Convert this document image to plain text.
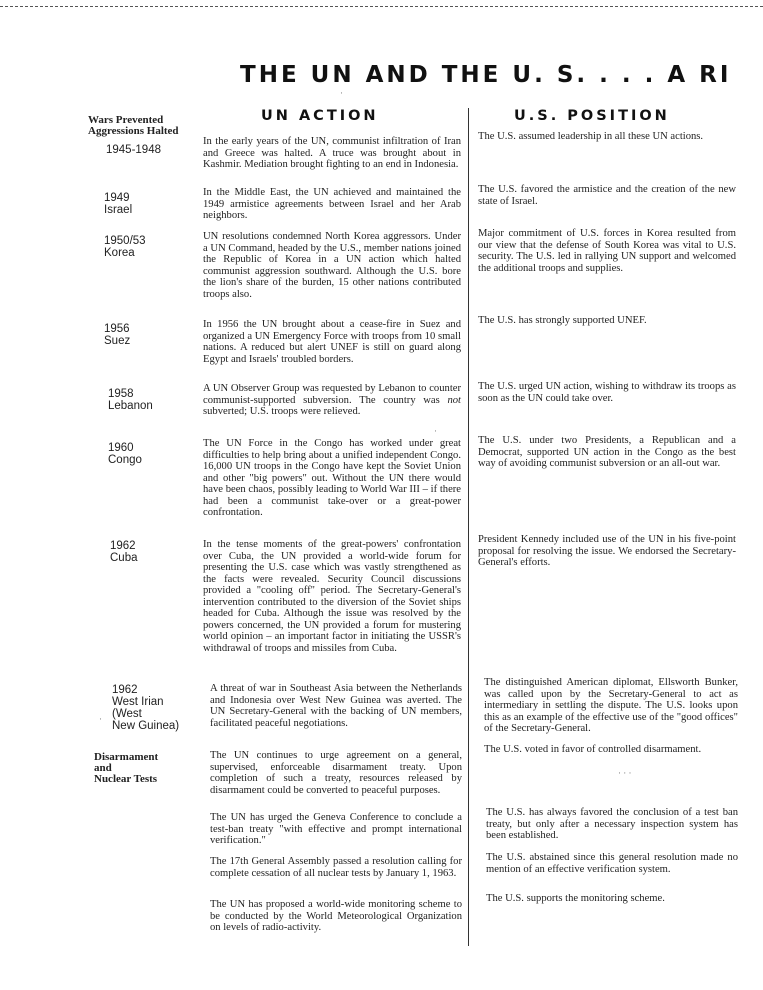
THE UN AND THE U. S. . . . A RI
UN ACTION	U.S. POSITION
Wars Prevented
Aggressions Halted
1945-1948
In the early years of the UN, communist infiltration of Iran and Greece was halted. A truce was brought about in Kashmir. Mediation brought fighting to an end in Indonesia.
The U.S. assumed leadership in all these UN actions.
1949
Israel
In the Middle East, the UN achieved and maintained the 1949 armistice agreements between Israel and her Arab neighbors.
The U.S. favored the armistice and the creation of the new state of Israel.
1950/53
Korea
UN resolutions condemned North Korea aggressors. Under a UN Command, headed by the U.S., member nations joined the Republic of Korea in a UN action which halted communist aggression southward. Although the U.S. bore the lion's share of the burden, 15 other nations contributed troops also.
Major commitment of U.S. forces in Korea resulted from our view that the defense of South Korea was vital to U.S. security. The U.S. led in rallying UN support and welcomed the additional troops and supplies.
1956
Suez
In 1956 the UN brought about a cease-fire in Suez and organized a UN Emergency Force with troops from 10 small nations. A reduced but alert UNEF is still on guard along Egypt and Israels' troubled borders.
The U.S. has strongly supported UNEF.
1958
Lebanon
A UN Observer Group was requested by Lebanon to counter communist-supported subversion. The country was not subverted; U.S. troops were relieved.
The U.S. urged UN action, wishing to withdraw its troops as soon as the UN could take over.
1960
Congo
The UN Force in the Congo has worked under great difficulties to help bring about a unified independent Congo. 16,000 UN troops in the Congo have kept the Soviet Union and other "big powers" out. Without the UN there would have been chaos, possibly leading to World War III – if there had been a communist take-over or a great-power confrontation.
The U.S. under two Presidents, a Republican and a Democrat, supported UN action in the Congo as the best way of avoiding communist subversion or an all-out war.
1962
Cuba
In the tense moments of the great-powers' confrontation over Cuba, the UN provided a world-wide forum for presenting the U.S. case which was vastly strengthened as the facts were revealed. Security Council discussions provided a "cooling off" period. The Secretary-General's intervention contributed to the diversion of the Soviet ships headed for Cuba. Although the issue was resolved by the powers concerned, the UN provided a forum for mustering world opinion – an important factor in initiating the USSR's withdrawal of troops and missiles from Cuba.
President Kennedy included use of the UN in his five-point proposal for resolving the issue. We endorsed the Secretary-General's efforts.
1962
West Irian
(West
New Guinea)
A threat of war in Southeast Asia between the Netherlands and Indonesia over West New Guinea was averted. The UN Secretary-General with the backing of UN members, facilitated peaceful negotiations.
The distinguished American diplomat, Ellsworth Bunker, was called upon by the Secretary-General to act as intermediary in settling the dispute. The U.S. looks upon this as an example of the effective use of the "good offices" of the Secretary-General.
Disarmament
and
Nuclear Tests
The UN continues to urge agreement on a general, supervised, enforceable disarmament treaty. Upon completion of such a treaty, resources released by disarmament could be converted to peaceful purposes.
The U.S. voted in favor of controlled disarmament.
The UN has urged the Geneva Conference to conclude a test-ban treaty "with effective and prompt international verification."
The U.S. has always favored the conclusion of a test ban treaty, but only after a necessary inspection system has been established.
The 17th General Assembly passed a resolution calling for complete cessation of all nuclear tests by January 1, 1963.
The U.S. abstained since this general resolution made no mention of an effective verification system.
The UN has proposed a world-wide monitoring scheme to be conducted by the World Meteorological Organization on levels of radio-activity.
The U.S. supports the monitoring scheme.
·
·
· · ·
·
